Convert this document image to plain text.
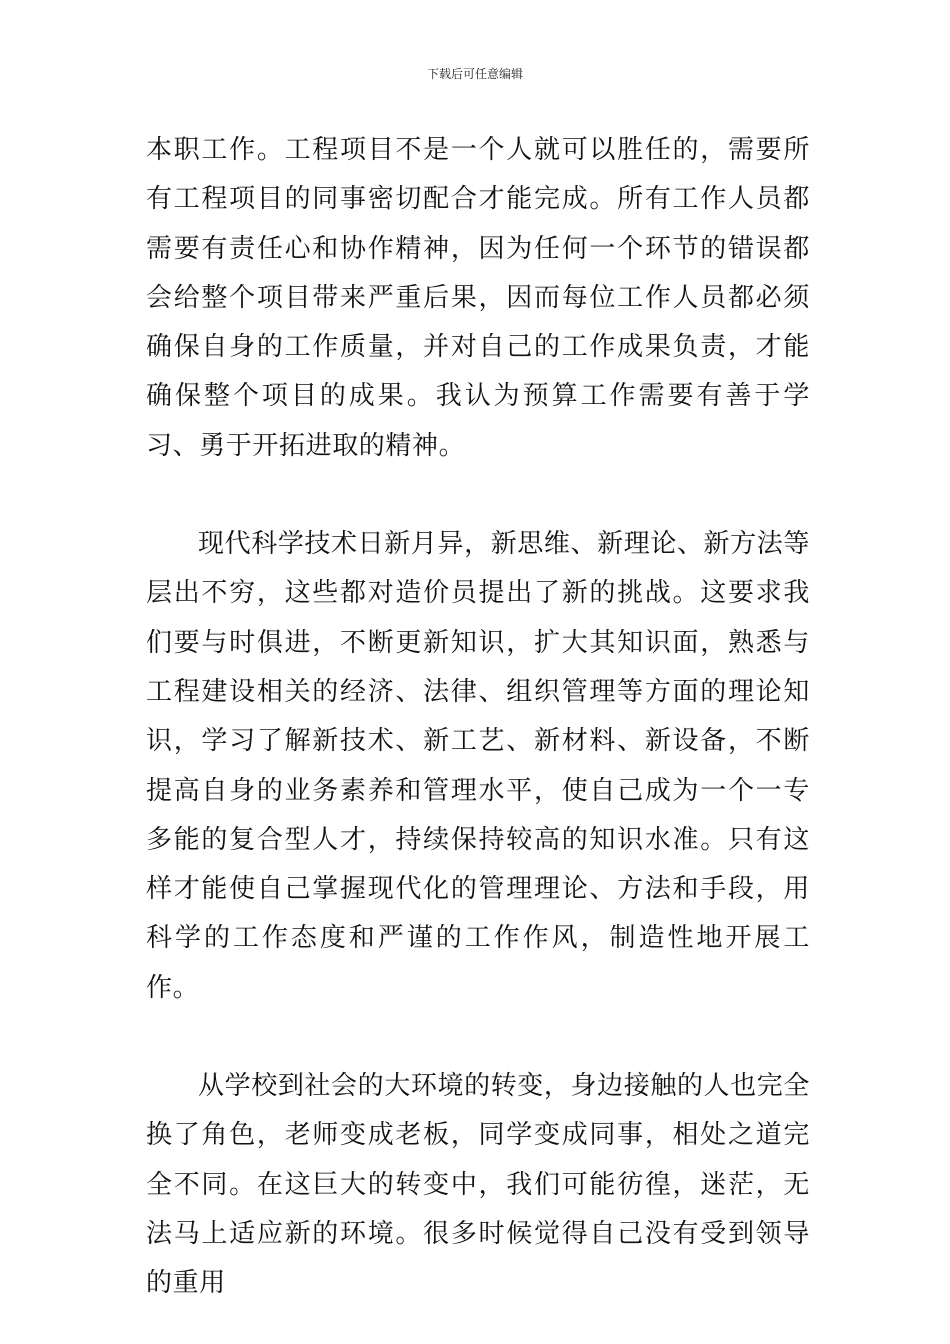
下载后可任意编辑

本职工作。工程项目不是一个人就可以胜任的，需要所有工程项目的同事密切配合才能完成。所有工作人员都需要有责任心和协作精神，因为任何一个环节的错误都会给整个项目带来严重后果，因而每位工作人员都必须确保自身的工作质量，并对自己的工作成果负责，才能确保整个项目的成果。我认为预算工作需要有善于学习、勇于开拓进取的精神。

现代科学技术日新月异，新思维、新理论、新方法等层出不穷，这些都对造价员提出了新的挑战。这要求我们要与时俱进，不断更新知识，扩大其知识面，熟悉与工程建设相关的经济、法律、组织管理等方面的理论知识，学习了解新技术、新工艺、新材料、新设备，不断提高自身的业务素养和管理水平，使自己成为一个一专多能的复合型人才，持续保持较高的知识水准。只有这样才能使自己掌握现代化的管理理论、方法和手段，用科学的工作态度和严谨的工作作风，制造性地开展工作。

从学校到社会的大环境的转变，身边接触的人也完全换了角色，老师变成老板，同学变成同事，相处之道完全不同。在这巨大的转变中，我们可能彷徨，迷茫，无法马上适应新的环境。很多时候觉得自己没有受到领导的重用
